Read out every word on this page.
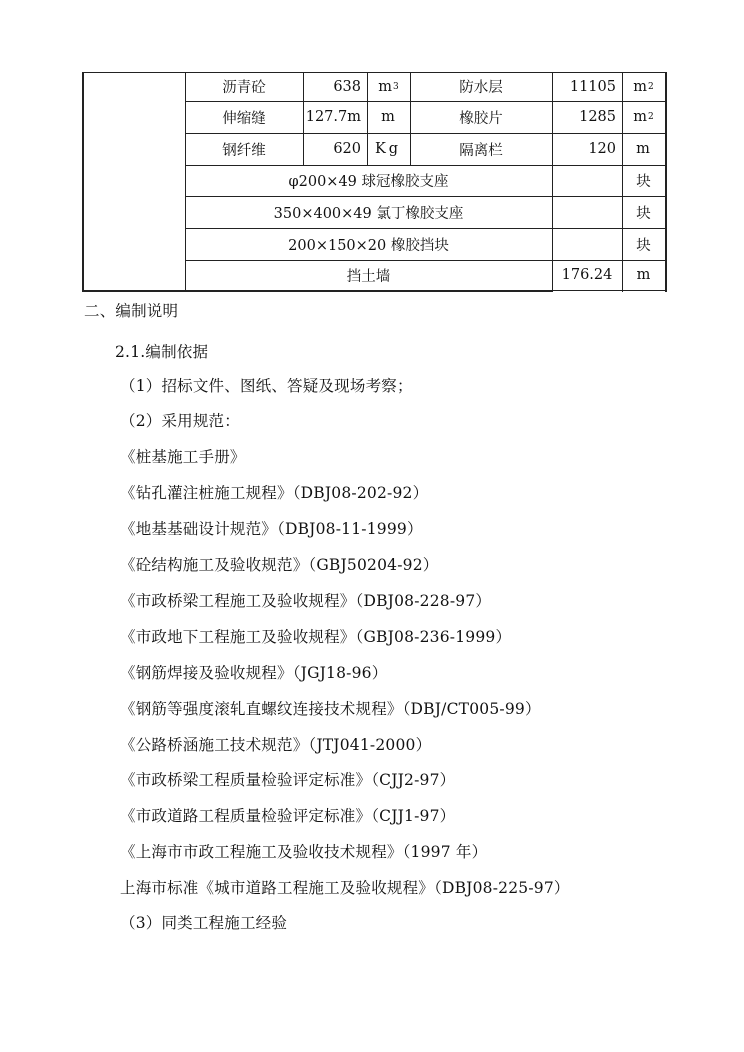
沥青砼	638	m 3	防水层	11105	m 2
伸缩缝	127.7m	m	橡胶片	1285	m 2
钢纤维	620 Kg	隔离栏	120	m
φ200×49 球冠橡胶支座	块
350×400×49 氯丁橡胶支座	块
200×150×20 橡胶挡块	块
挡土墙	176.24	m
二、编制说明
2.1.编制依据
（1）招标文件、图纸、答疑及现场考察；
（2）采用规范：
《桩基施工手册》
《钻孔灌注桩施工规程》（DBJ08-202-92）
《地基基础设计规范》（DBJ08-11-1999）
《砼结构施工及验收规范》（GBJ50204-92）
《市政桥梁工程施工及验收规程》（DBJ08-228-97）
《市政地下工程施工及验收规程》（GBJ08-236-1999）
《钢筋焊接及验收规程》（JGJ18-96）
《钢筋等强度滚轧直螺纹连接技术规程》（DBJ/CT005-99）
《公路桥涵施工技术规范》（JTJ041-2000）
《市政桥梁工程质量检验评定标准》（CJJ2-97）
《市政道路工程质量检验评定标准》（CJJ1-97）
《上海市市政工程施工及验收技术规程》（1997 年）
上海市标准《城市道路工程施工及验收规程》（DBJ08-225-97）
（3）同类工程施工经验
